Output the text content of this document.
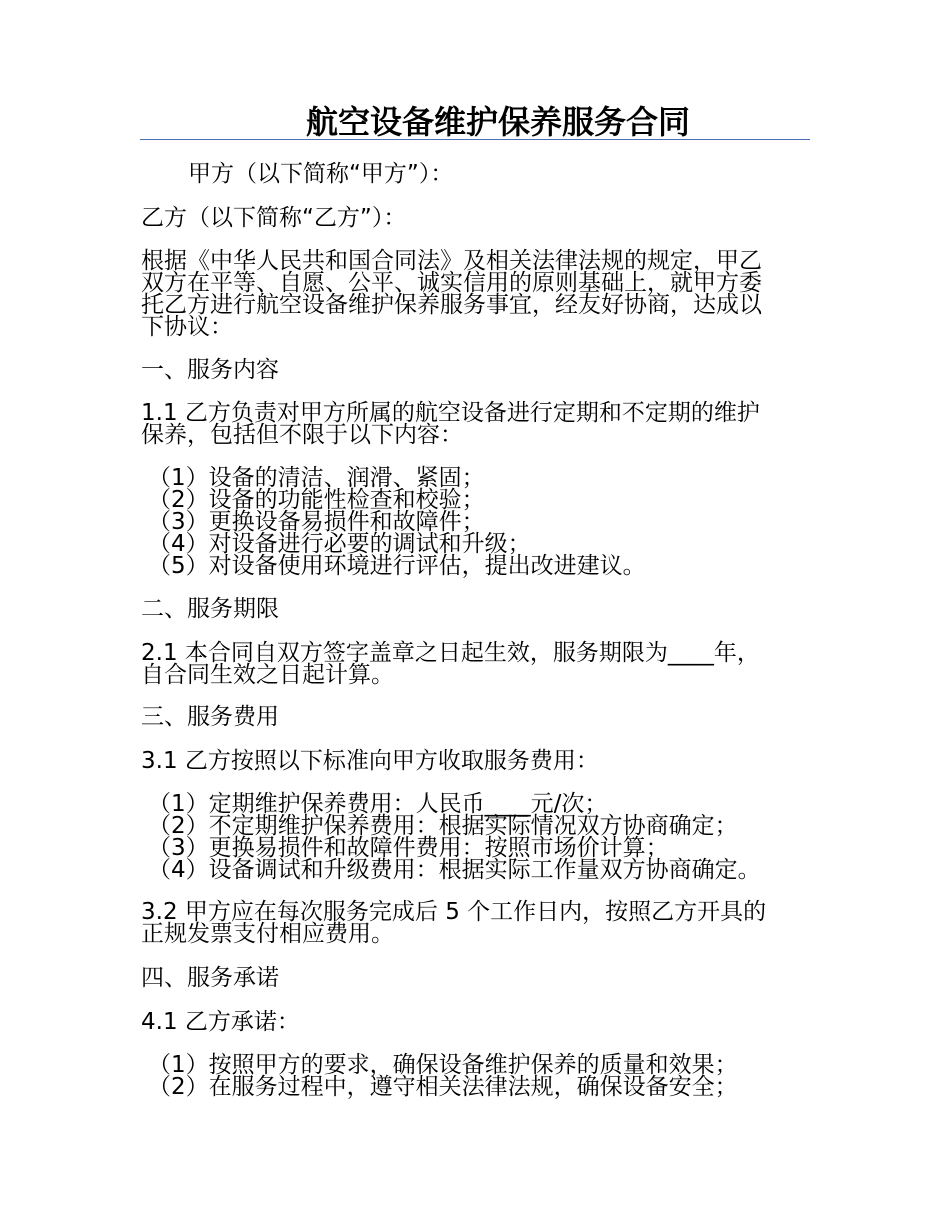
航空设备维护保养服务合同
甲方（以下简称“甲方”）：
乙方（以下简称“乙方”）：
根据《中华人民共和国合同法》及相关法律法规的规定，甲乙
双方在平等、自愿、公平、诚实信用的原则基础上，就甲方委
托乙方进行航空设备维护保养服务事宜，经友好协商，达成以
下协议：
一、服务内容
1.1 乙方负责对甲方所属的航空设备进行定期和不定期的维护
保养，包括但不限于以下内容：
（1）设备的清洁、润滑、紧固；
（2）设备的功能性检查和校验；
（3）更换设备易损件和故障件；
（4）对设备进行必要的调试和升级；
（5）对设备使用环境进行评估，提出改进建议。
二、服务期限
2.1 本合同自双方签字盖章之日起生效，服务期限为____年，
自合同生效之日起计算。
三、服务费用
3.1 乙方按照以下标准向甲方收取服务费用：
（1）定期维护保养费用：人民币____元/次；
（2）不定期维护保养费用：根据实际情况双方协商确定；
（3）更换易损件和故障件费用：按照市场价计算；
（4）设备调试和升级费用：根据实际工作量双方协商确定。
3.2 甲方应在每次服务完成后 5 个工作日内，按照乙方开具的
正规发票支付相应费用。
四、服务承诺
4.1 乙方承诺：
（1）按照甲方的要求，确保设备维护保养的质量和效果；
（2）在服务过程中，遵守相关法律法规，确保设备安全；
